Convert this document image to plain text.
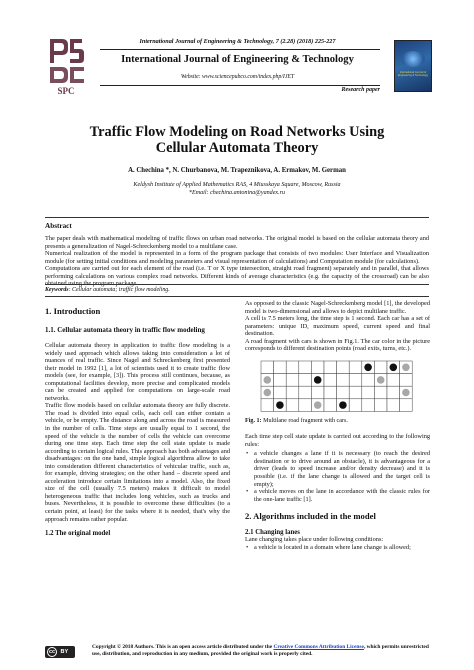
SPC
International Journal of Engineering & Technology, 7 (2.28) (2018) 225-227
International Journal of Engineering & Technology
Website: www.sciencepubco.com/index.php/IJET
Research paper
International Journal of Engineering & Technology
Traffic Flow Modeling on Road Networks Using Cellular Automata Theory
A. Chechina *, N. Churbanova, M. Trapeznikova, A. Ermakov, M. German
Keldysh Institute of Applied Mathematics RAS, 4 Miusskaya Square, Moscow, Russia
*Email: chechina.antonina@yandex.ru
Abstract
The paper deals with mathematical modeling of traffic flows on urban road networks. The original model is based on the cellular automata theory and presents a generalization of Nagel-Schreckenberg model to a multilane case.
Numerical realization of the model is represented in a form of the program package that consists of two modules: User Interface and Visualization module (for setting initial conditions and modeling parameters and visual representation of calculations) and Computation module (for calculations).
Computations are carried out for each element of the road (i.e. T or X type intersection, straight road fragment) separately and in parallel, that allows performing calculations on various complex road networks. Different kinds of average characteristics (e.g. the capacity of the crossroad) can be also obtained using the program package.
Keywords: Cellular automata; traffic flow modeling.
1. Introduction
1.1. Cellular automata theory in traffic flow modeling
Cellular automata theory in application to traffic flow modeling is a widely used approach which allows taking into consideration a lot of nuances of real traffic. Since Nagel and Schreckenberg first presented their model in 1992 [1], a lot of scientists used it to create traffic flow models (see, for example, [3]). This process still continues, because, as computational facilities develop, more precise and complicated models can be created and applied for computations on large-scale road networks.
Traffic flow models based on cellular automata theory are fully discrete. The road is divided into equal cells, each cell can either contain a vehicle, or be empty. The distance along and across the road is measured in the number of cells. Time steps are usually equal to 1 second, the speed of the vehicle is the number of cells the vehicle can overcome during one time step. Each time step the cell state update is made according to certain logical rules. This approach has both advantages and disadvantages: on the one hand, simple logical algorithms allow to take into consideration different characteristics of vehicular traffic, such as, for example, driving strategies; on the other hand – discrete speed and acceleration introduce certain limitations into a model. Also, the fixed size of the cell (usually 7.5 meters) makes it difficult to model heterogeneous traffic that includes long vehicles, such as trucks and buses. Nevertheless, it is possible to overcome these difficulties (to a certain point, at least) for the tasks where it is needed, that's why the approach remains rather popular.
1.2 The original model
As opposed to the classic Nagel-Schreckenberg model [1], the developed model is two-dimensional and allows to depict multilane traffic.
A cell is 7.5 meters long, the time step is 1 second. Each car has a set of parameters: unique ID, maximum speed, current speed and final destination.
A road fragment with cars is shown in Fig.1. The car color in the picture corresponds to different destination points (road exits, turns, etc.).
Fig. 1: Multilane road fragment with cars.
Each time step cell state update is carried out according to the following rules:
• a vehicle changes a lane if it is necessary (to reach the desired destination or to drive around an obstacle), it is advantageous for a driver (leads to speed increase and/or density decrease) and it is possible (i.e. if the lane change is allowed and the target cell is empty);
• a vehicle moves on the lane in accordance with the classic rules for the one-lane traffic [1].
2. Algorithms included in the model
2.1 Changing lanes
Lane changing takes place under following conditions:
• a vehicle is located in a domain where lane change is allowed;
cc BY
Copyright © 2018 Authors. This is an open access article distributed under the Creative Commons Attribution License, which permits unrestricted use, distribution, and reproduction in any medium, provided the original work is properly cited.
